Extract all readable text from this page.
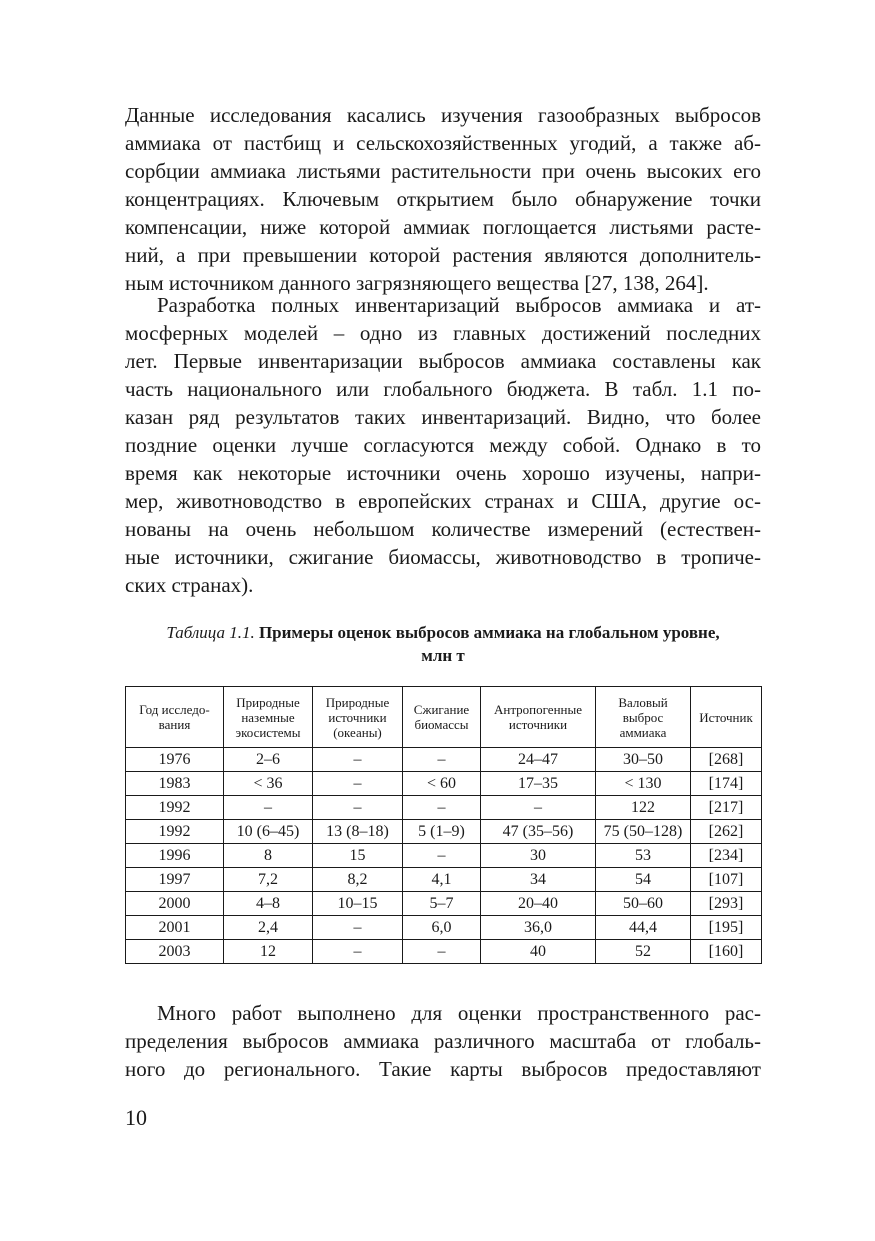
Данные исследования касались изучения газообразных выбросов
аммиака от пастбищ и сельскохозяйственных угодий, а также аб-
сорбции аммиака листьями растительности при очень высоких его
концентрациях. Ключевым открытием было обнаружение точки
компенсации, ниже которой аммиак поглощается листьями расте-
ний, а при превышении которой растения являются дополнитель-
ным источником данного загрязняющего вещества [27, 138, 264].
Разработка полных инвентаризаций выбросов аммиака и ат-
мосферных моделей – одно из главных достижений последних
лет. Первые инвентаризации выбросов аммиака составлены как
часть национального или глобального бюджета. В табл. 1.1 по-
казан ряд результатов таких инвентаризаций. Видно, что более
поздние оценки лучше согласуются между собой. Однако в то
время как некоторые источники очень хорошо изучены, напри-
мер, животноводство в европейских странах и США, другие ос-
нованы на очень небольшом количестве измерений (естествен-
ные источники, сжигание биомассы, животноводство в тропиче-
ских странах).
Таблица 1.1. Примеры оценок выбросов аммиака на глобальном уровне,
млн т
Год исследо-вания	Природные наземные экосистемы	Природные источники (океаны)	Сжигание биомассы	Антропогенные источники	Валовый выброс аммиака	Источник
1976	2–6	–	–	24–47	30–50	[268]
1983	< 36	–	< 60	17–35	< 130	[174]
1992	–	–	–	–	122	[217]
1992	10 (6–45)	13 (8–18)	5 (1–9)	47 (35–56)	75 (50–128)	[262]
1996	8	15	–	30	53	[234]
1997	7,2	8,2	4,1	34	54	[107]
2000	4–8	10–15	5–7	20–40	50–60	[293]
2001	2,4	–	6,0	36,0	44,4	[195]
2003	12	–	–	40	52	[160]
Много работ выполнено для оценки пространственного рас-
пределения выбросов аммиака различного масштаба от глобаль-
ного до регионального. Такие карты выбросов предоставляют
10
